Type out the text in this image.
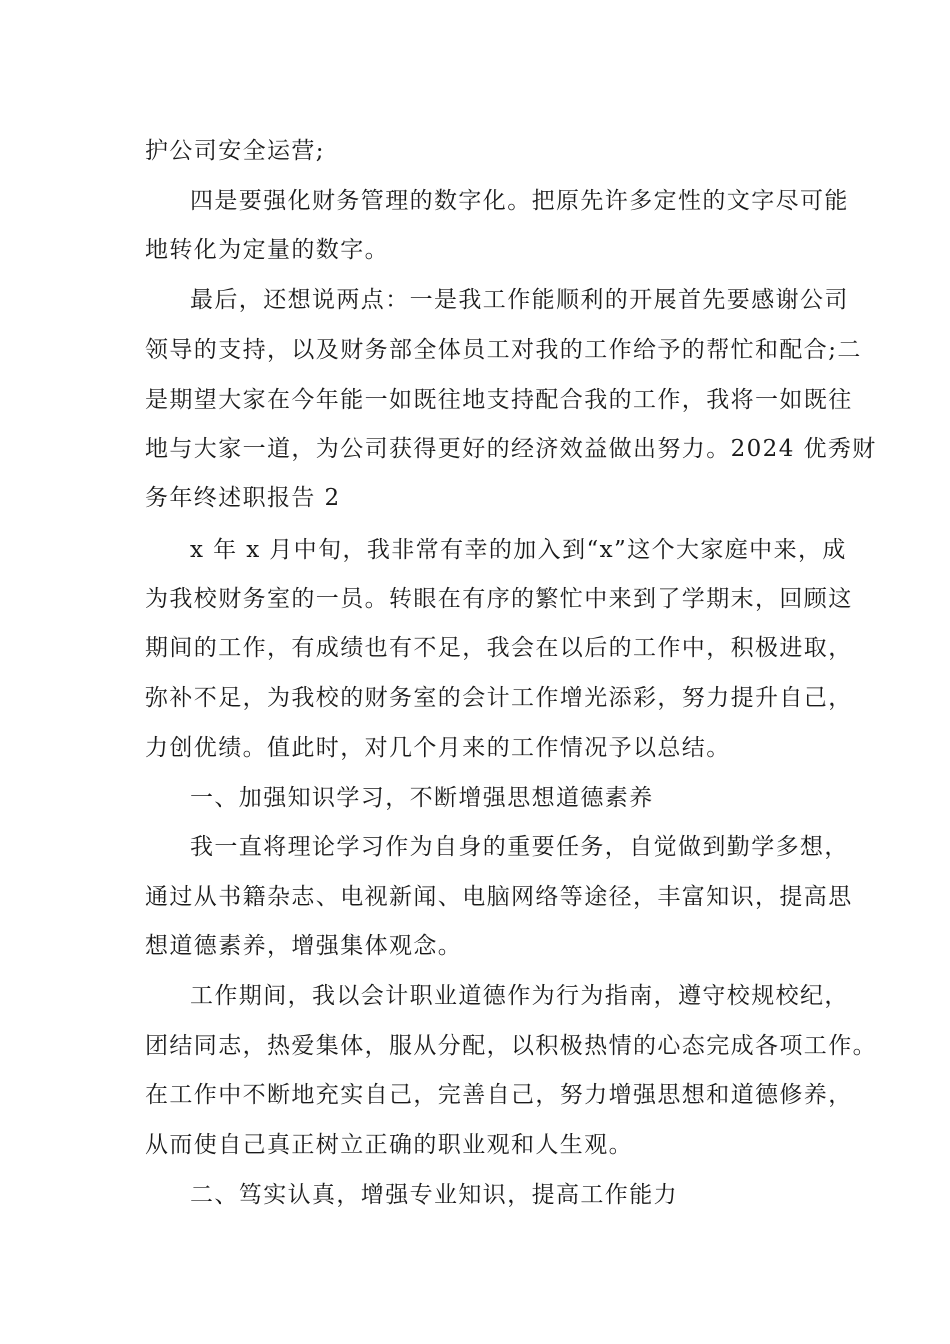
护公司安全运营;
四是要强化财务管理的数字化。把原先许多定性的文字尽可能
地转化为定量的数字。
最后，还想说两点：一是我工作能顺利的开展首先要感谢公司
领导的支持，以及财务部全体员工对我的工作给予的帮忙和配合;二
是期望大家在今年能一如既往地支持配合我的工作，我将一如既往
地与大家一道，为公司获得更好的经济效益做出努力。2024 优秀财
务年终述职报告 2
x 年 x 月中旬，我非常有幸的加入到“x”这个大家庭中来，成
为我校财务室的一员。转眼在有序的繁忙中来到了学期末，回顾这
期间的工作，有成绩也有不足，我会在以后的工作中，积极进取，
弥补不足，为我校的财务室的会计工作增光添彩，努力提升自己，
力创优绩。值此时，对几个月来的工作情况予以总结。
一、加强知识学习，不断增强思想道德素养
我一直将理论学习作为自身的重要任务，自觉做到勤学多想，
通过从书籍杂志、电视新闻、电脑网络等途径，丰富知识，提高思
想道德素养，增强集体观念。
工作期间，我以会计职业道德作为行为指南，遵守校规校纪，
团结同志，热爱集体，服从分配，以积极热情的心态完成各项工作。
在工作中不断地充实自己，完善自己，努力增强思想和道德修养，
从而使自己真正树立正确的职业观和人生观。
二、笃实认真，增强专业知识，提高工作能力
